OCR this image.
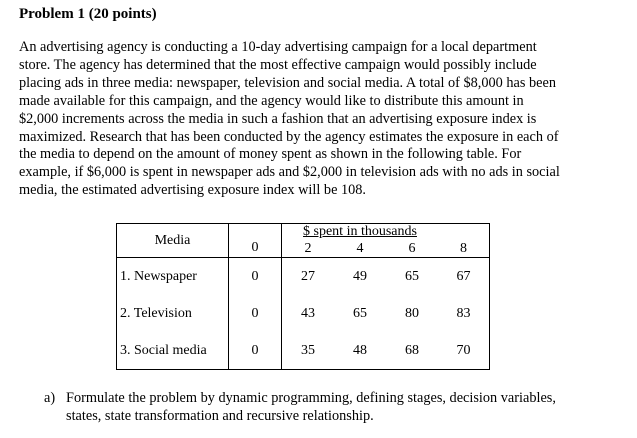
Problem 1 (20 points)
An advertising agency is conducting a 10-day advertising campaign for a local department
store. The agency has determined that the most effective campaign would possibly include
placing ads in three media: newspaper, television and social media. A total of $8,000 has been
made available for this campaign, and the agency would like to distribute this amount in
$2,000 increments across the media in such a fashion that an advertising exposure index is
maximized. Research that has been conducted by the agency estimates the exposure in each of
the media to depend on the amount of money spent as shown in the following table. For
example, if $6,000 is spent in newspaper ads and $2,000 in television ads with no ads in social
media, the estimated advertising exposure index will be 108.
Media	0	$ spent in thousands			
		2	4	6	8
1. Newspaper	0	27	49	65	67
2. Television	0	43	65	80	83
3. Social media	0	35	48	68	70
a) Formulate the problem by dynamic programming, defining stages, decision variables,
states, state transformation and recursive relationship.
